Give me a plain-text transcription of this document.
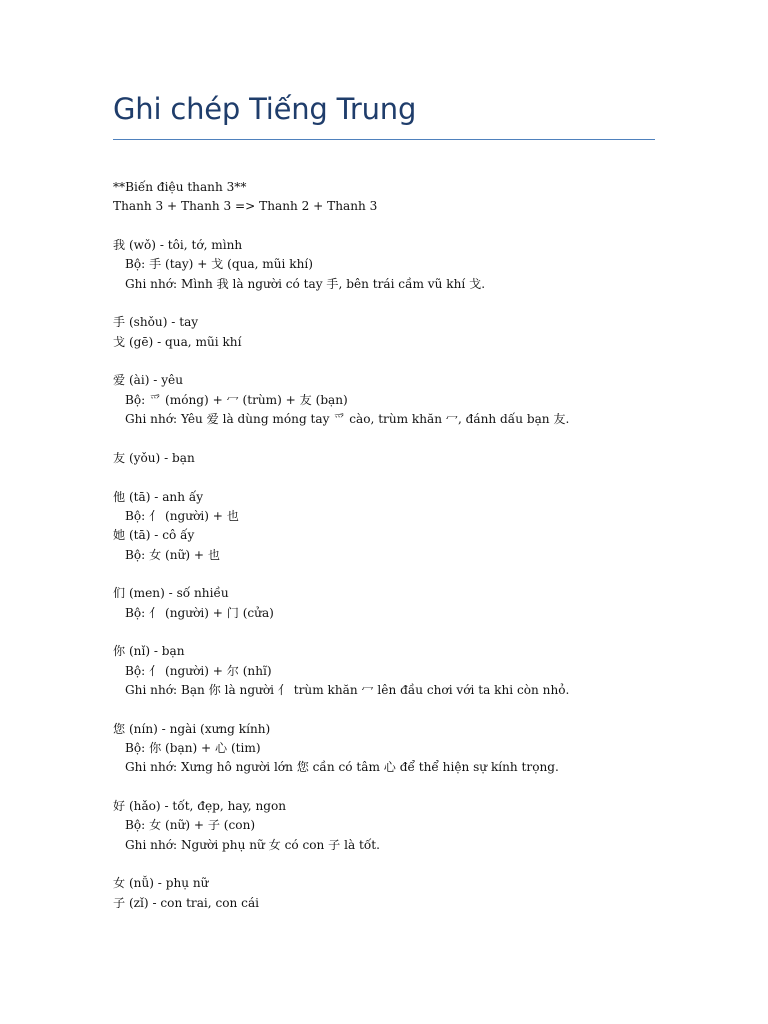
Ghi chép Tiếng Trung
**Biến điệu thanh 3**
Thanh 3 + Thanh 3 => Thanh 2 + Thanh 3
我 (wǒ) - tôi, tớ, mình
Bộ: 手 (tay) + 戈 (qua, mũi khí)
Ghi nhớ: Mình 我 là người có tay 手, bên trái cầm vũ khí 戈.
手 (shǒu) - tay
戈 (gē) - qua, mũi khí
爱 (ài) - yêu
Bộ: 爫 (móng) + 冖 (trùm) + 友 (bạn)
Ghi nhớ: Yêu 爱 là dùng móng tay 爫 cào, trùm khăn 冖, đánh dấu bạn 友.
友 (yǒu) - bạn
他 (tā) - anh ấy
Bộ: 亻 (người) + 也
她 (tā) - cô ấy
Bộ: 女 (nữ) + 也
们 (men) - số nhiều
Bộ: 亻 (người) + 门 (cửa)
你 (nǐ) - bạn
Bộ: 亻 (người) + 尔 (nhĩ)
Ghi nhớ: Bạn 你 là người 亻 trùm khăn 冖 lên đầu chơi với ta khi còn nhỏ.
您 (nín) - ngài (xưng kính)
Bộ: 你 (bạn) + 心 (tim)
Ghi nhớ: Xưng hô người lớn 您 cần có tâm 心 để thể hiện sự kính trọng.
好 (hǎo) - tốt, đẹp, hay, ngon
Bộ: 女 (nữ) + 子 (con)
Ghi nhớ: Người phụ nữ 女 có con 子 là tốt.
女 (nǚ) - phụ nữ
子 (zǐ) - con trai, con cái
